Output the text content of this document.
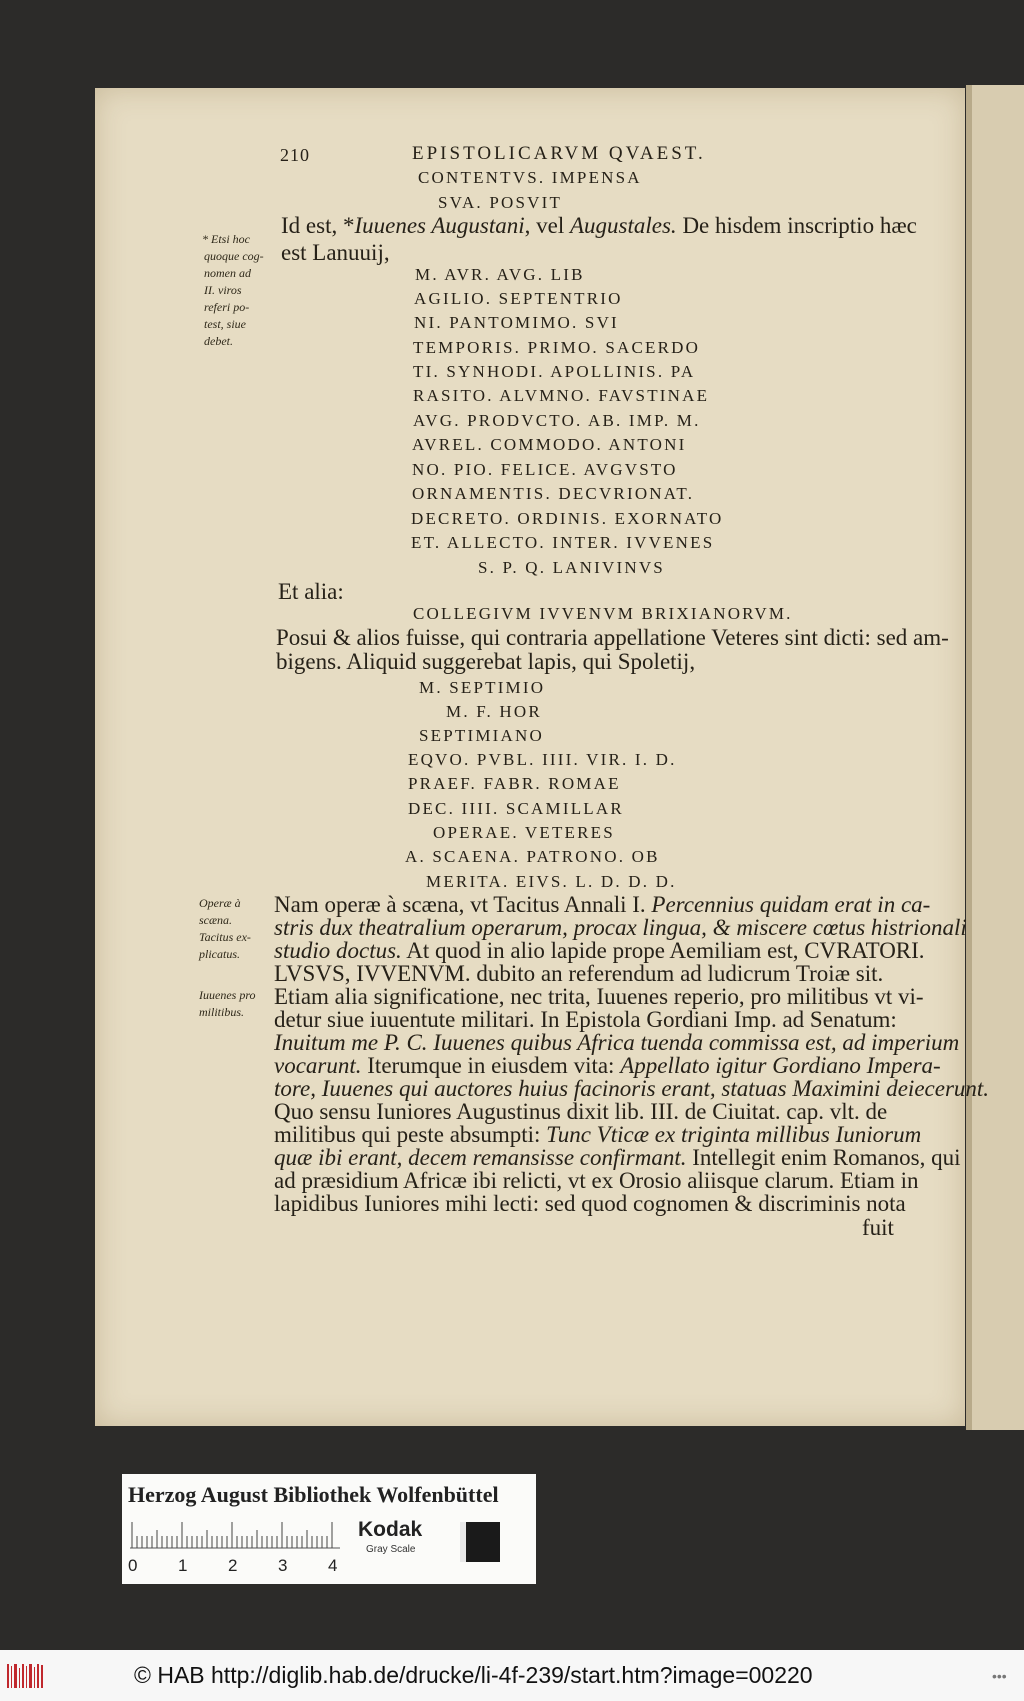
210	EPISTOLICARVM QVAEST.
CONTENTVS. IMPENSA
SVA. POSVIT
Id est, *Iuuenes Augustani, vel Augustales. De hisdem inscriptio hæc
est Lanuuij,
M. AVR. AVG. LIB
AGILIO. SEPTENTRIO
NI. PANTOMIMO. SVI
TEMPORIS. PRIMO. SACERDO
TI. SYNHODI. APOLLINIS. PA
RASITO. ALVMNO. FAVSTINAE
AVG. PRODVCTO. AB. IMP. M.
AVREL. COMMODO. ANTONI
NO. PIO. FELICE. AVGVSTO
ORNAMENTIS. DECVRIONAT.
DECRETO. ORDINIS. EXORNATO
ET. ALLECTO. INTER. IVVENES
S. P. Q. LANIVINVS
Et alia:
COLLEGIVM IVVENVM BRIXIANORVM.
Posui & alios fuisse, qui contraria appellatione Veteres sint dicti: sed am-
bigens. Aliquid suggerebat lapis, qui Spoletij,
M. SEPTIMIO
M. F. HOR
SEPTIMIANO
EQVO. PVBL. IIII. VIR. I. D.
PRAEF. FABR. ROMAE
DEC. IIII. SCAMILLAR
OPERAE. VETERES
A. SCAENA. PATRONO. OB
MERITA. EIVS. L. D. D. D.
Nam operæ à scæna, vt Tacitus Annali I. Percennius quidam erat in ca-
stris dux theatralium operarum, procax lingua, & miscere cœtus histrionali
studio doctus. At quod in alio lapide prope Aemiliam est, CVRATORI.
LVSVS, IVVENVM. dubito an referendum ad ludicrum Troiæ sit.
Etiam alia significatione, nec trita, Iuuenes reperio, pro militibus vt vi-
detur siue iuuentute militari. In Epistola Gordiani Imp. ad Senatum:
Inuitum me P. C. Iuuenes quibus Africa tuenda commissa est, ad imperium
vocarunt. Iterumque in eiusdem vita: Appellato igitur Gordiano Impera-
tore, Iuuenes qui auctores huius facinoris erant, statuas Maximini deiecerunt.
Quo sensu Iuniores Augustinus dixit lib. III. de Ciuitat. cap. vlt. de
militibus qui peste absumpti: Tunc Vticæ ex triginta millibus Iuniorum
quæ ibi erant, decem remansisse confirmant. Intellegit enim Romanos, qui
ad præsidium Africæ ibi relicti, vt ex Orosio aliisque clarum. Etiam in
lapidibus Iuniores mihi lecti: sed quod cognomen & discriminis nota
fuit
* Etsi hoc
quoque cog-
nomen ad
II. viros
referi po-
test, siue
debet.
Operæ à
scæna.
Tacitus ex-
plicatus.
Iuuenes pro
militibus.
Herzog August Bibliothek Wolfenbüttel
0 1 2 3 4
Kodak
Gray Scale
© HAB http://diglib.hab.de/drucke/li-4f-239/start.htm?image=00220	•••
